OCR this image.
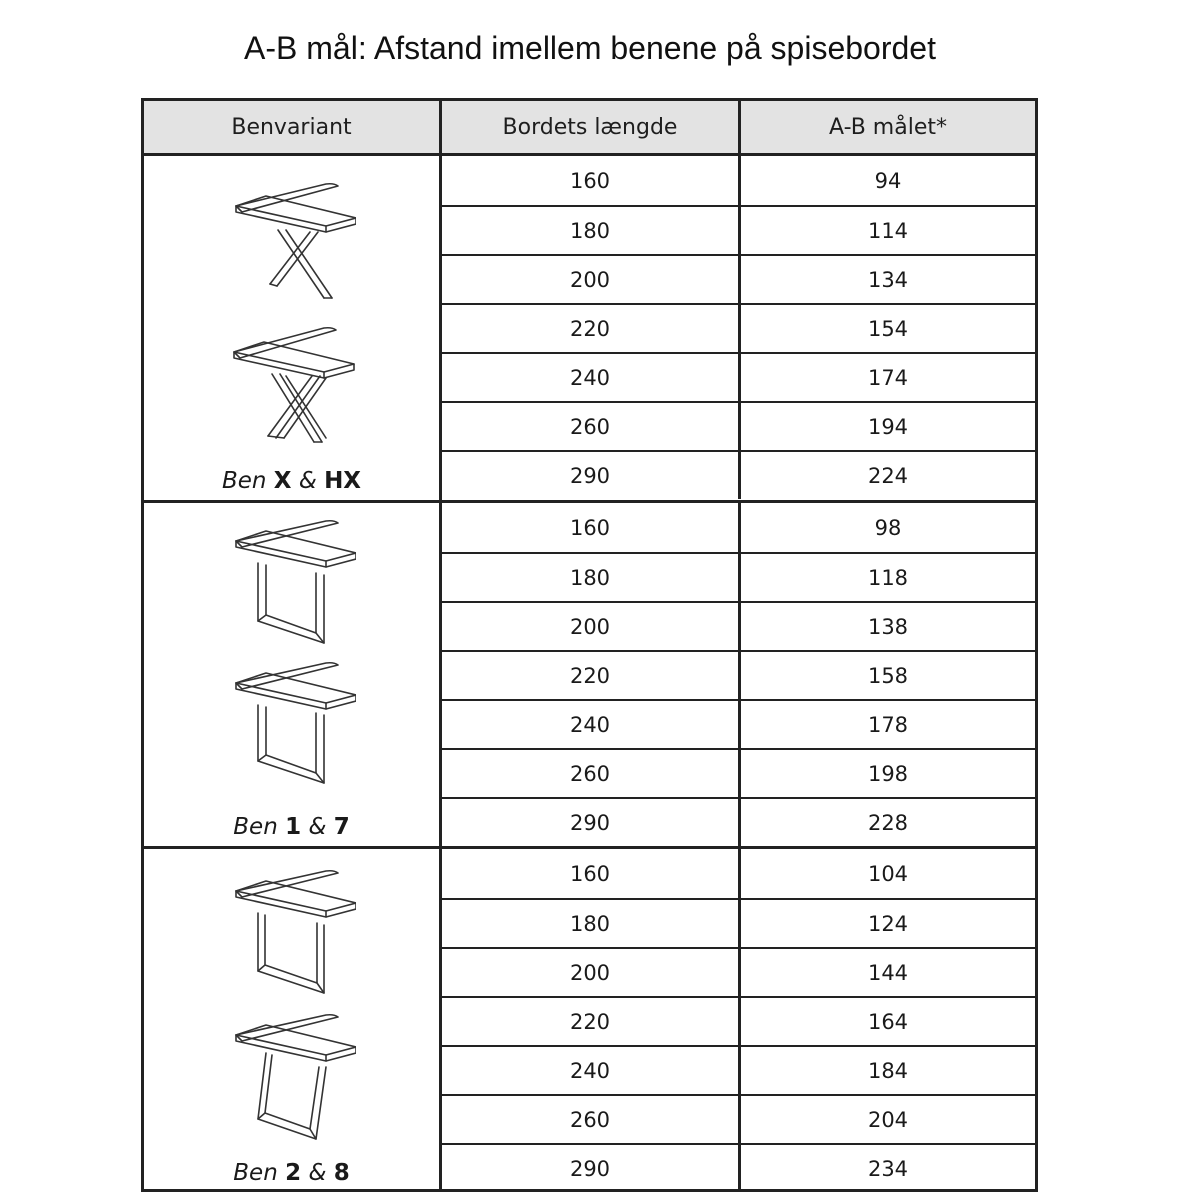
A-B mål: Afstand imellem benene på spisebordet
Benvariant	Bordets længde	A-B målet*
Ben X & HX
160	94
180	114
200	134
220	154
240	174
260	194
290	224
Ben 1 & 7
160	98
180	118
200	138
220	158
240	178
260	198
290	228
Ben 2 & 8
160	104
180	124
200	144
220	164
240	184
260	204
290	234
